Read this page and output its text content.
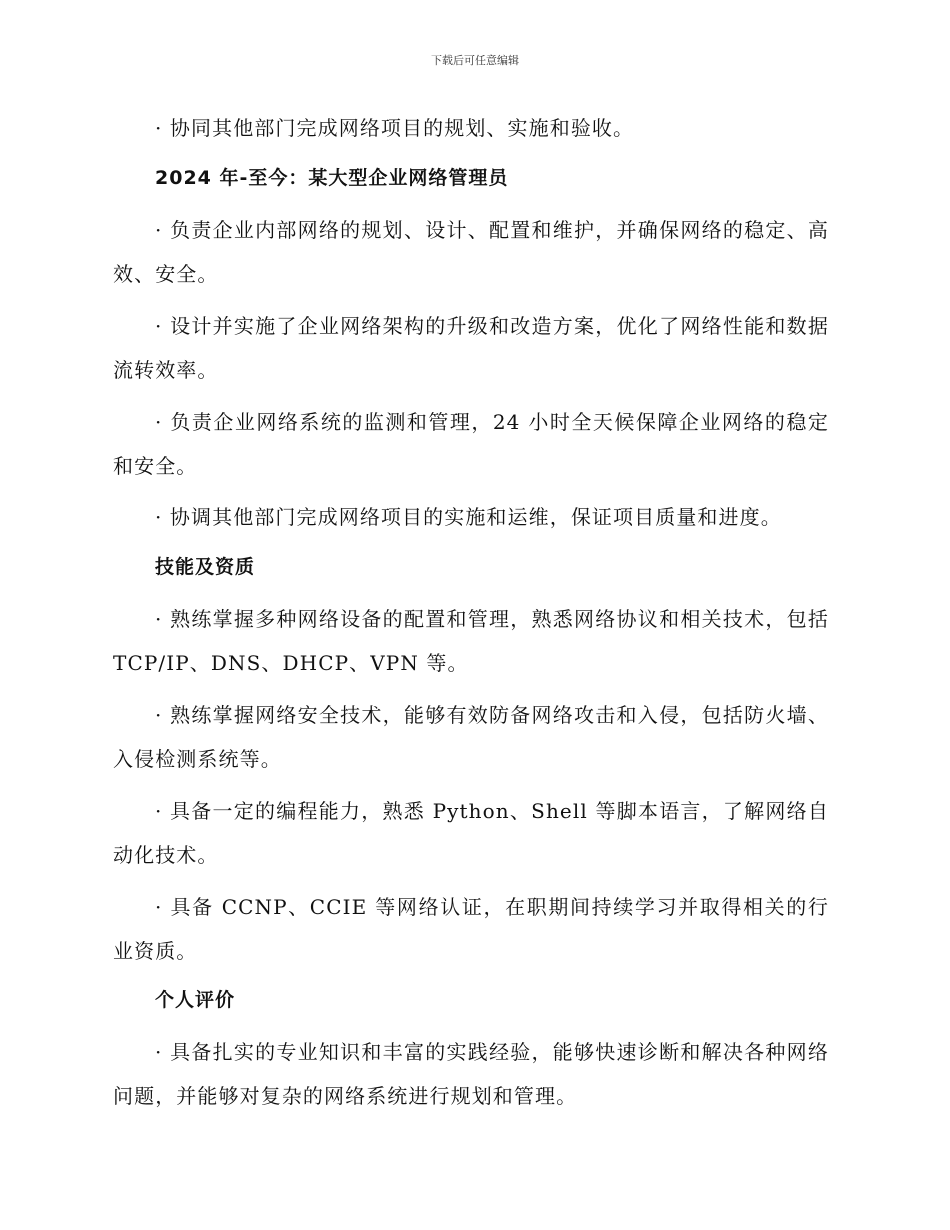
下载后可任意编辑

· 协同其他部门完成网络项目的规划、实施和验收。

2024 年-至今：某大型企业网络管理员

· 负责企业内部网络的规划、设计、配置和维护，并确保网络的稳定、高效、安全。

· 设计并实施了企业网络架构的升级和改造方案，优化了网络性能和数据流转效率。

· 负责企业网络系统的监测和管理，24 小时全天候保障企业网络的稳定和安全。

· 协调其他部门完成网络项目的实施和运维，保证项目质量和进度。

技能及资质

· 熟练掌握多种网络设备的配置和管理，熟悉网络协议和相关技术，包括 TCP/IP、DNS、DHCP、VPN 等。

· 熟练掌握网络安全技术，能够有效防备网络攻击和入侵，包括防火墙、入侵检测系统等。

· 具备一定的编程能力，熟悉 Python、Shell 等脚本语言，了解网络自动化技术。

· 具备 CCNP、CCIE 等网络认证，在职期间持续学习并取得相关的行业资质。

个人评价

· 具备扎实的专业知识和丰富的实践经验，能够快速诊断和解决各种网络问题，并能够对复杂的网络系统进行规划和管理。
